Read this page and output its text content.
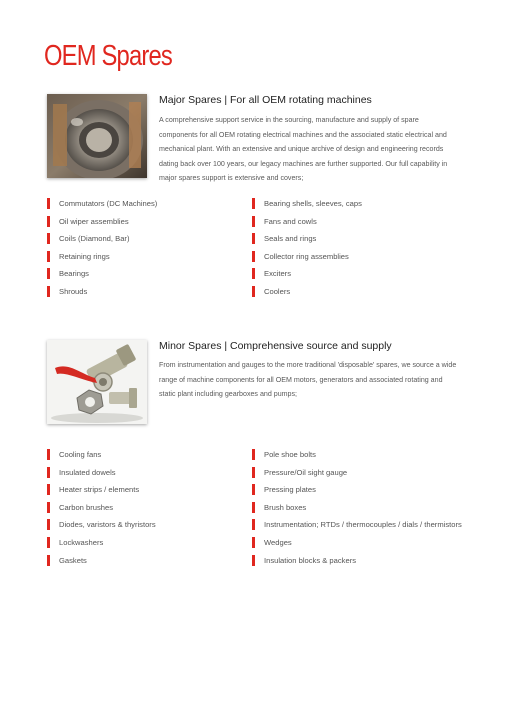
OEM Spares
Major Spares | For all OEM rotating machines

A comprehensive support service in the sourcing, manufacture and supply of spare components for all OEM rotating electrical machines and the associated static electrical and mechanical plant. With an extensive and unique archive of design and engineering records dating back over 100 years, our legacy machines are further supported. Our full capability in major spares support is extensive and covers;

Commutators (DC Machines)
Oil wiper assemblies
Coils (Diamond, Bar)
Retaining rings
Bearings
Shrouds
Bearing shells, sleeves, caps
Fans and cowls
Seals and rings
Collector ring assemblies
Exciters
Coolers
Minor Spares | Comprehensive source and supply

From instrumentation and gauges to the more traditional 'disposable' spares, we source a wide range of machine components for all OEM motors, generators and associated rotating and static plant including gearboxes and pumps;

Cooling fans
Insulated dowels
Heater strips / elements
Carbon brushes
Diodes, varistors & thyristors
Lockwashers
Gaskets
Pole shoe bolts
Pressure/Oil sight gauge
Pressing plates
Brush boxes
Instrumentation; RTDs / thermocouples / dials / thermistors
Wedges
Insulation blocks & packers
